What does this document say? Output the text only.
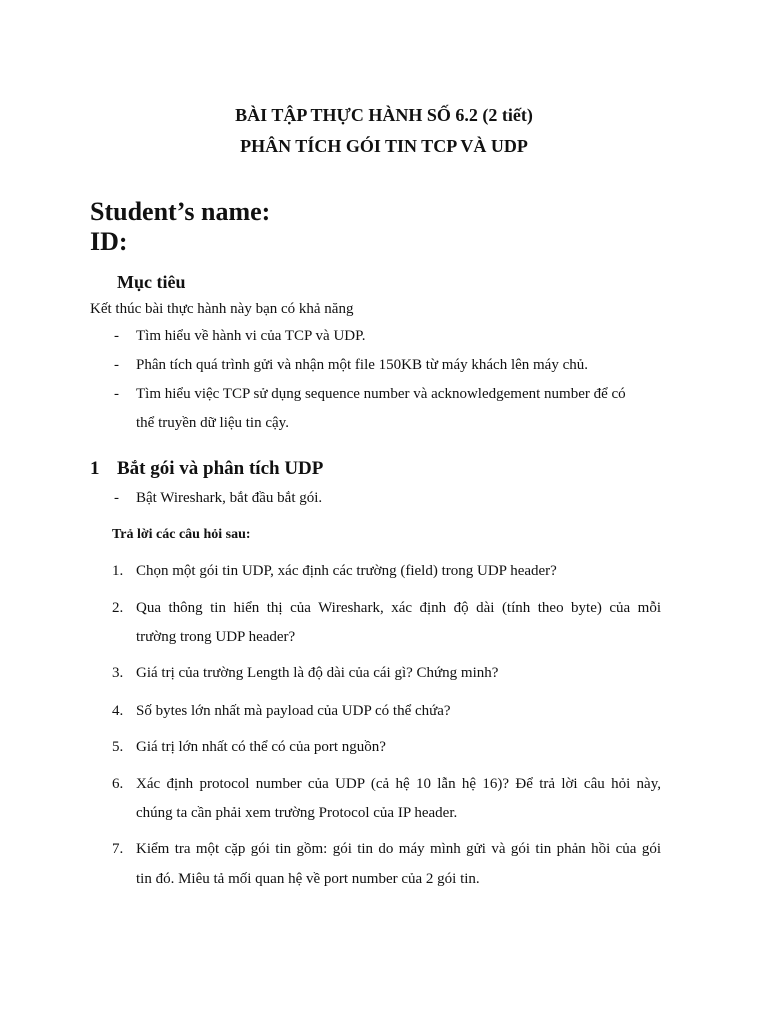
BÀI TẬP THỰC HÀNH SỐ 6.2 (2 tiết)
PHÂN TÍCH GÓI TIN TCP VÀ UDP
Student’s name:
ID:
Mục tiêu
Kết thúc bài thực hành này bạn có khả năng
- Tìm hiểu về hành vi của TCP và UDP.
- Phân tích quá trình gửi và nhận một file 150KB từ máy khách lên máy chủ.
- Tìm hiểu việc TCP sử dụng sequence number và acknowledgement number để có
thể truyền dữ liệu tin cậy.
1 Bắt gói và phân tích UDP
- Bật Wireshark, bắt đầu bắt gói.
Trả lời các câu hỏi sau:
1. Chọn một gói tin UDP, xác định các trường (field) trong UDP header?
2. Qua thông tin hiển thị của Wireshark, xác định độ dài (tính theo byte) của mỗi
trường trong UDP header?
3. Giá trị của trường Length là độ dài của cái gì? Chứng minh?
4. Số bytes lớn nhất mà payload của UDP có thể chứa?
5. Giá trị lớn nhất có thể có của port nguồn?
6. Xác định protocol number của UDP (cả hệ 10 lẫn hệ 16)? Để trả lời câu hỏi này,
chúng ta cần phải xem trường Protocol của IP header.
7. Kiểm tra một cặp gói tin gồm: gói tin do máy mình gửi và gói tin phản hồi của gói
tin đó. Miêu tả mối quan hệ về port number của 2 gói tin.
